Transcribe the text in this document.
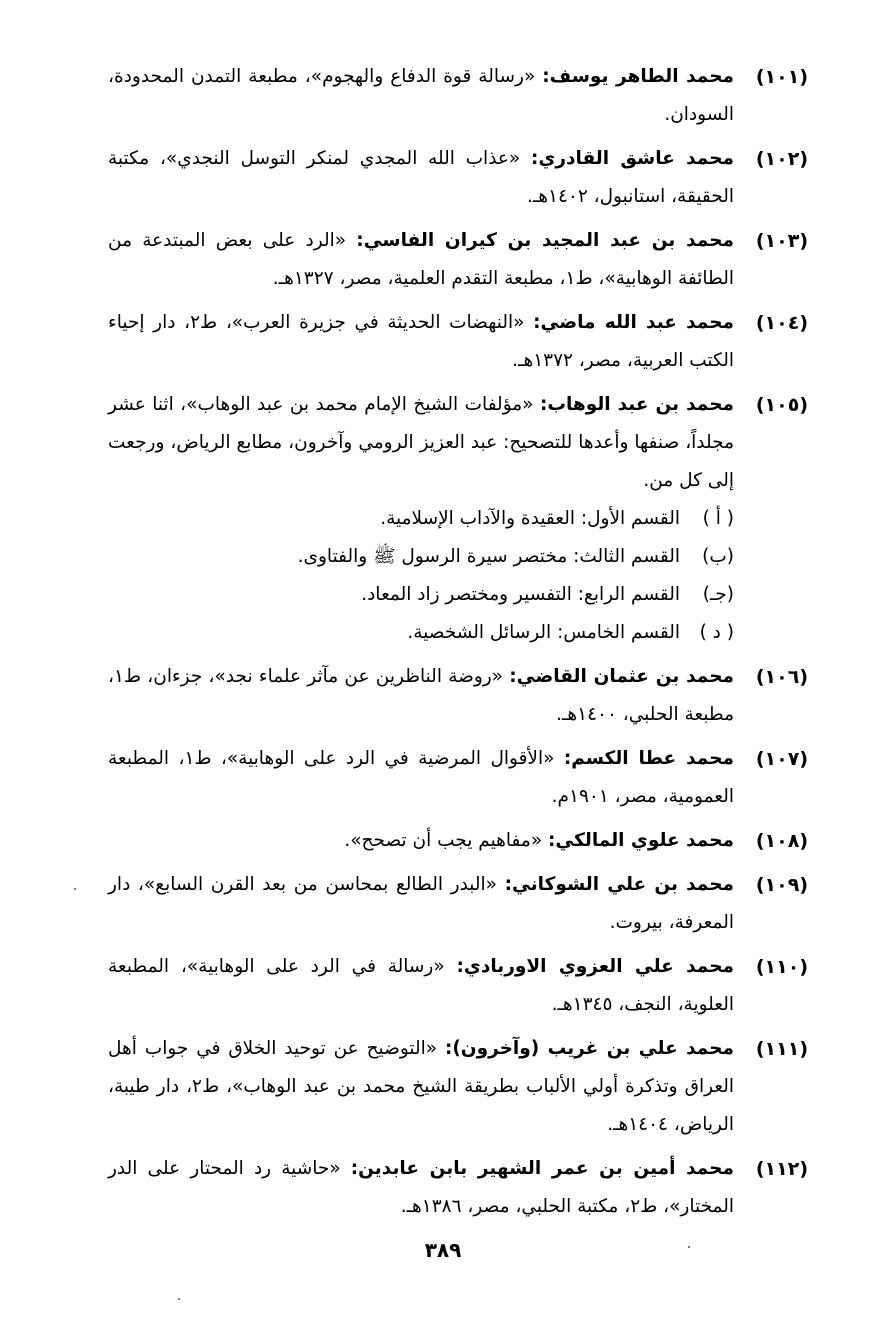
(١٠١)
محمد الطاهر يوسف: «رسالة قوة الدفاع والهجوم»، مطبعة التمدن المحدودة، السودان.
(١٠٢)
محمد عاشق القادري: «عذاب الله المجدي لمنكر التوسل النجدي»، مكتبة الحقيقة، استانبول، ١٤٠٢هـ.
(١٠٣)
محمد بن عبد المجيد بن كيران الفاسي: «الرد على بعض المبتدعة من الطائفة الوهابية»، ط١، مطبعة التقدم العلمية، مصر، ١٣٢٧هـ.
(١٠٤)
محمد عبد الله ماضي: «النهضات الحديثة في جزيرة العرب»، ط٢، دار إحياء الكتب العربية، مصر، ١٣٧٢هـ.
(١٠٥)
محمد بن عبد الوهاب: «مؤلفات الشيخ الإمام محمد بن عبد الوهاب»، اثنا عشر مجلداً، صنفها وأعدها للتصحيح: عبد العزيز الرومي وآخرون، مطابع الرياض، ورجعت إلى كل من.
( أ )
القسم الأول: العقيدة والآداب الإسلامية.
(ب)
القسم الثالث: مختصر سيرة الرسول ﷺ والفتاوى.
(جـ)
القسم الرابع: التفسير ومختصر زاد المعاد.
( د )
القسم الخامس: الرسائل الشخصية.
(١٠٦)
محمد بن عثمان القاضي: «روضة الناظرين عن مآثر علماء نجد»، جزءان، ط١، مطبعة الحلبي، ١٤٠٠هـ.
(١٠٧)
محمد عطا الكسم: «الأقوال المرضية في الرد على الوهابية»، ط١، المطبعة العمومية، مصر، ١٩٠١م.
(١٠٨)
محمد علوي المالكي: «مفاهيم يجب أن تصحح».
(١٠٩)
محمد بن علي الشوكاني: «البدر الطالع بمحاسن من بعد القرن السابع»، دار المعرفة، بيروت.
(١١٠)
محمد علي العزوي الاوربادي: «رسالة في الرد على الوهابية»، المطبعة العلوية، النجف، ١٣٤٥هـ.
(١١١)
محمد علي بن غريب (وآخرون): «التوضيح عن توحيد الخلاق في جواب أهل العراق وتذكرة أولي الألباب بطريقة الشيخ محمد بن عبد الوهاب»، ط٢، دار طيبة، الرياض، ١٤٠٤هـ.
(١١٢)
محمد أمين بن عمر الشهير بابن عابدين: «حاشية رد المحتار على الدر المختار»، ط٢، مكتبة الحلبي، مصر، ١٣٨٦هـ.
٣٨٩
